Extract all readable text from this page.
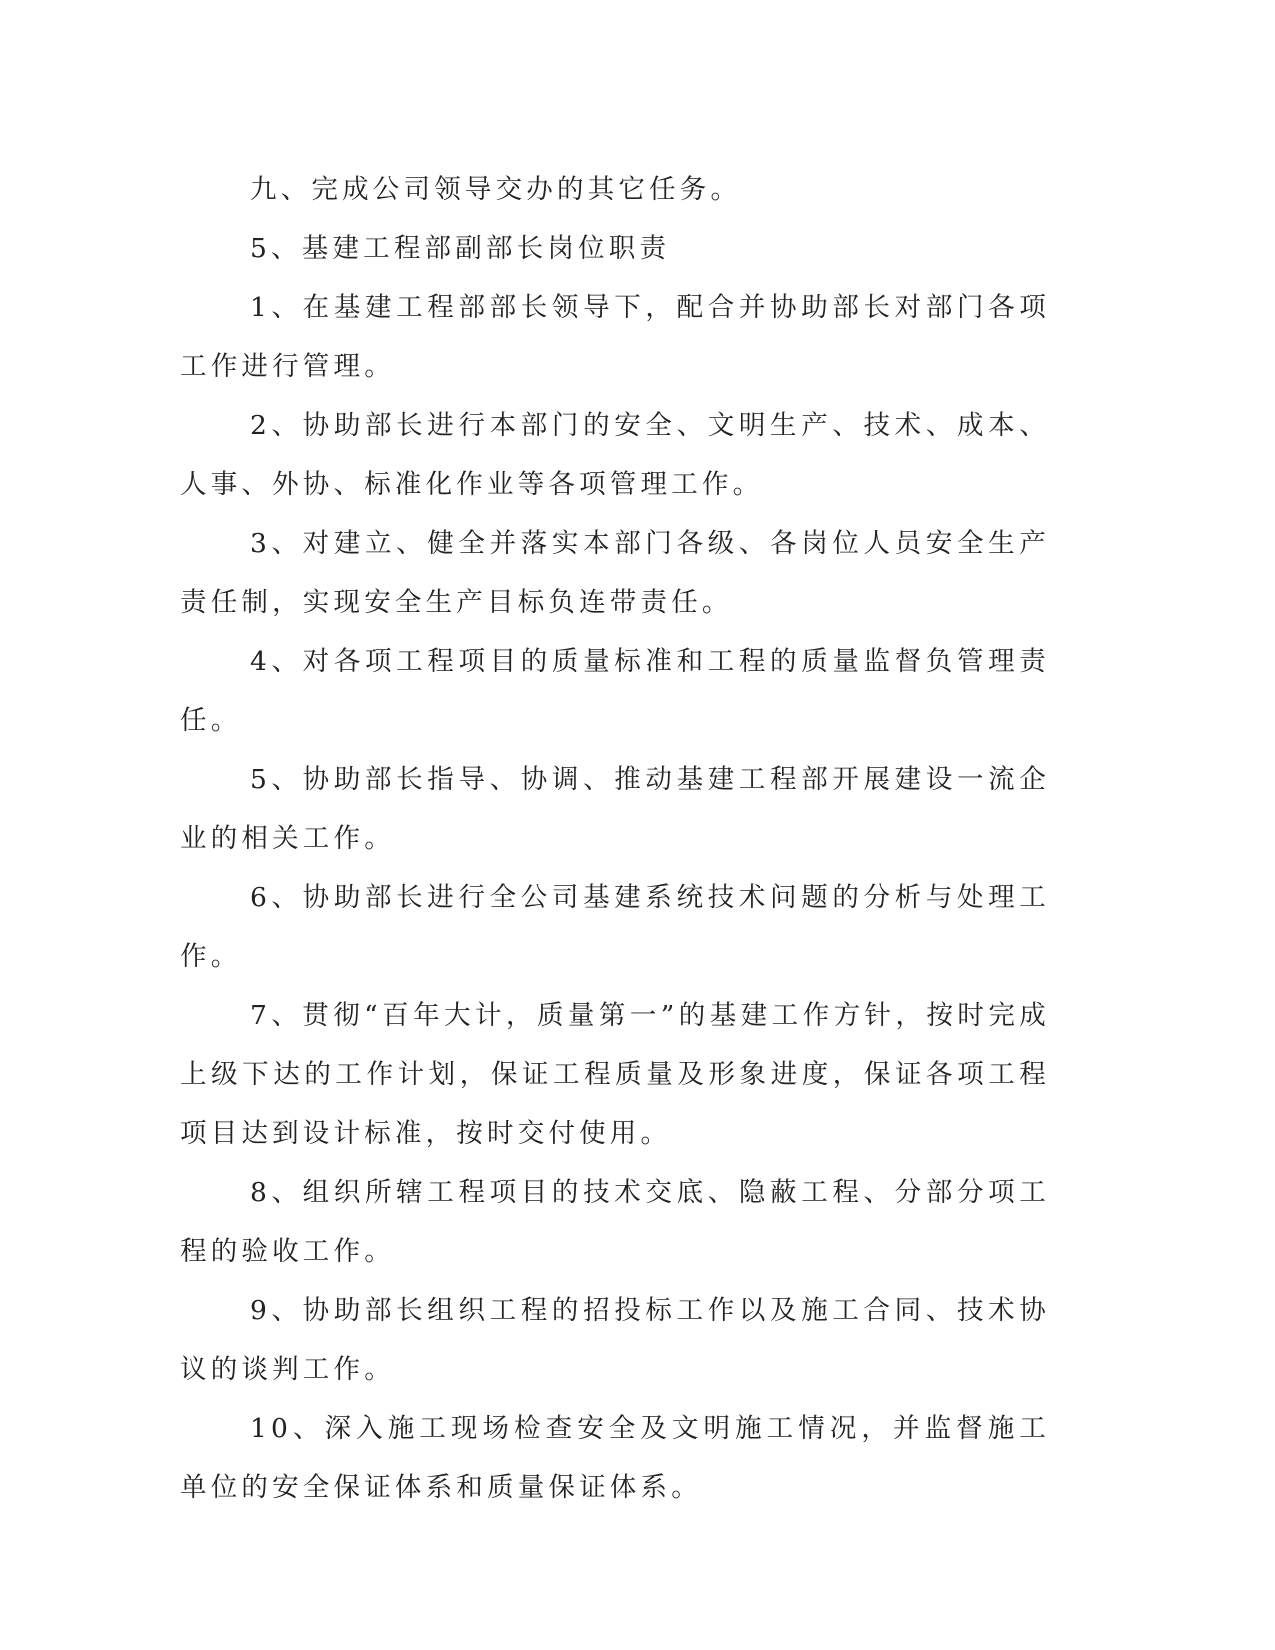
九、完成公司领导交办的其它任务。

5、基建工程部副部长岗位职责

1、在基建工程部部长领导下，配合并协助部长对部门各项工作进行管理。

2、协助部长进行本部门的安全、文明生产、技术、成本、人事、外协、标准化作业等各项管理工作。

3、对建立、健全并落实本部门各级、各岗位人员安全生产责任制，实现安全生产目标负连带责任。

4、对各项工程项目的质量标准和工程的质量监督负管理责任。

5、协助部长指导、协调、推动基建工程部开展建设一流企业的相关工作。

6、协助部长进行全公司基建系统技术问题的分析与处理工作。

7、贯彻“百年大计，质量第一”的基建工作方针，按时完成上级下达的工作计划，保证工程质量及形象进度，保证各项工程项目达到设计标准，按时交付使用。

8、组织所辖工程项目的技术交底、隐蔽工程、分部分项工程的验收工作。

9、协助部长组织工程的招投标工作以及施工合同、技术协议的谈判工作。

10、深入施工现场检查安全及文明施工情况，并监督施工单位的安全保证体系和质量保证体系。
